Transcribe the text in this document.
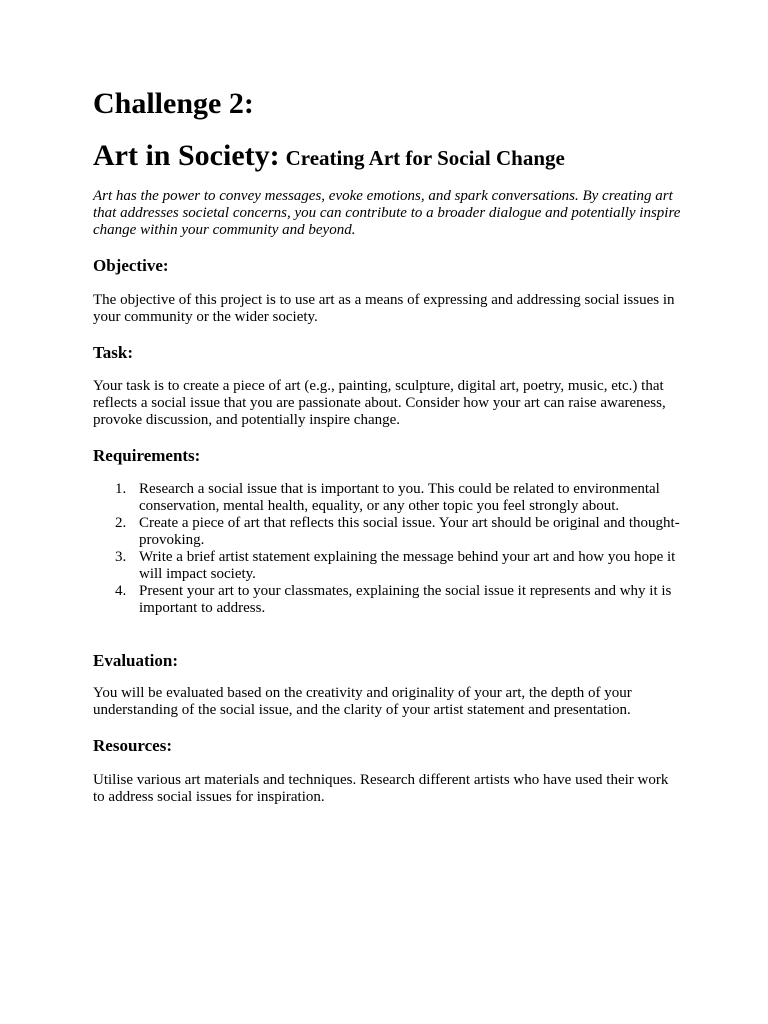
Challenge 2:
Art in Society: Creating Art for Social Change

Art has the power to convey messages, evoke emotions, and spark conversations. By creating art that addresses societal concerns, you can contribute to a broader dialogue and potentially inspire change within your community and beyond.

Objective:

The objective of this project is to use art as a means of expressing and addressing social issues in your community or the wider society.

Task:

Your task is to create a piece of art (e.g., painting, sculpture, digital art, poetry, music, etc.) that reflects a social issue that you are passionate about. Consider how your art can raise awareness, provoke discussion, and potentially inspire change.

Requirements:
1. Research a social issue that is important to you. This could be related to environmental conservation, mental health, equality, or any other topic you feel strongly about.
2. Create a piece of art that reflects this social issue. Your art should be original and thought-provoking.
3. Write a brief artist statement explaining the message behind your art and how you hope it will impact society.
4. Present your art to your classmates, explaining the social issue it represents and why it is important to address.
Evaluation:

You will be evaluated based on the creativity and originality of your art, the depth of your understanding of the social issue, and the clarity of your artist statement and presentation.

Resources:

Utilise various art materials and techniques. Research different artists who have used their work to address social issues for inspiration.
